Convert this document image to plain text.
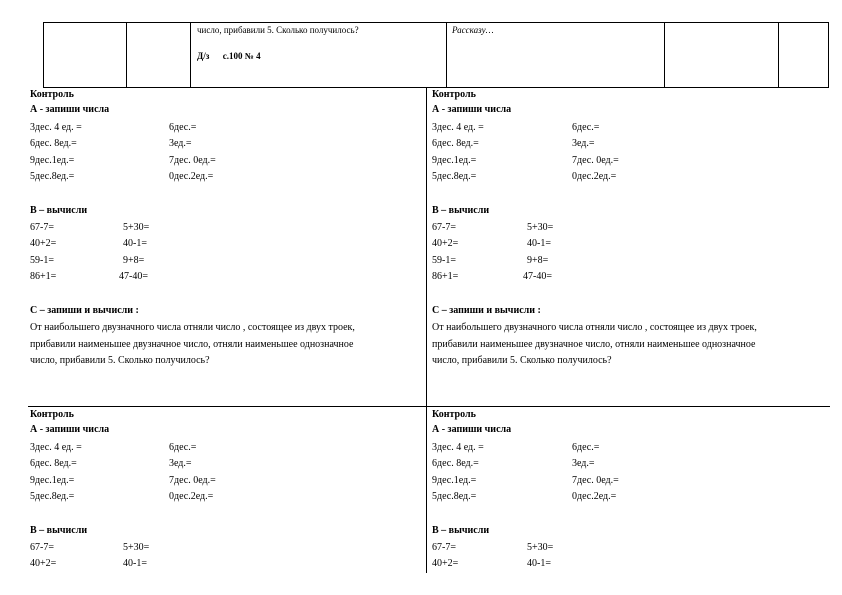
число, прибавили 5. Сколько получилось?
Д/з      с.100 № 4
Рассказу…
Контроль
А - запиши числа
3дес. 4 ед. =	6дес.=
6дес. 8ед.=	3ед.=
9дес.1ед.=	7дес. 0ед.=
5дес.8ед.=	0дес.2ед.=
В – вычисли
67-7=	5+30=
40+2=	40-1=
59-1=	9+8=
86+1=	47-40=
С – запиши и вычисли :
От наибольшего двузначного числа отняли число , состоящее из двух троек,
прибавили наименьшее двузначное число, отняли наименьшее однозначное
число, прибавили 5. Сколько получилось?
Контроль
А - запиши числа
3дес. 4 ед. =	6дес.=
6дес. 8ед.=	3ед.=
9дес.1ед.=	7дес. 0ед.=
5дес.8ед.=	0дес.2ед.=
В – вычисли
67-7=	5+30=
40+2=	40-1=
59-1=	9+8=
86+1=	47-40=
С – запиши и вычисли :
От наибольшего двузначного числа отняли число , состоящее из двух троек,
прибавили наименьшее двузначное число, отняли наименьшее однозначное
число, прибавили 5. Сколько получилось?
Контроль
А - запиши числа
3дес. 4 ед. =	6дес.=
6дес. 8ед.=	3ед.=
9дес.1ед.=	7дес. 0ед.=
5дес.8ед.=	0дес.2ед.=
В – вычисли
67-7=	5+30=
40+2=	40-1=
Контроль
А - запиши числа
3дес. 4 ед. =	6дес.=
6дес. 8ед.=	3ед.=
9дес.1ед.=	7дес. 0ед.=
5дес.8ед.=	0дес.2ед.=
В – вычисли
67-7=	5+30=
40+2=	40-1=
